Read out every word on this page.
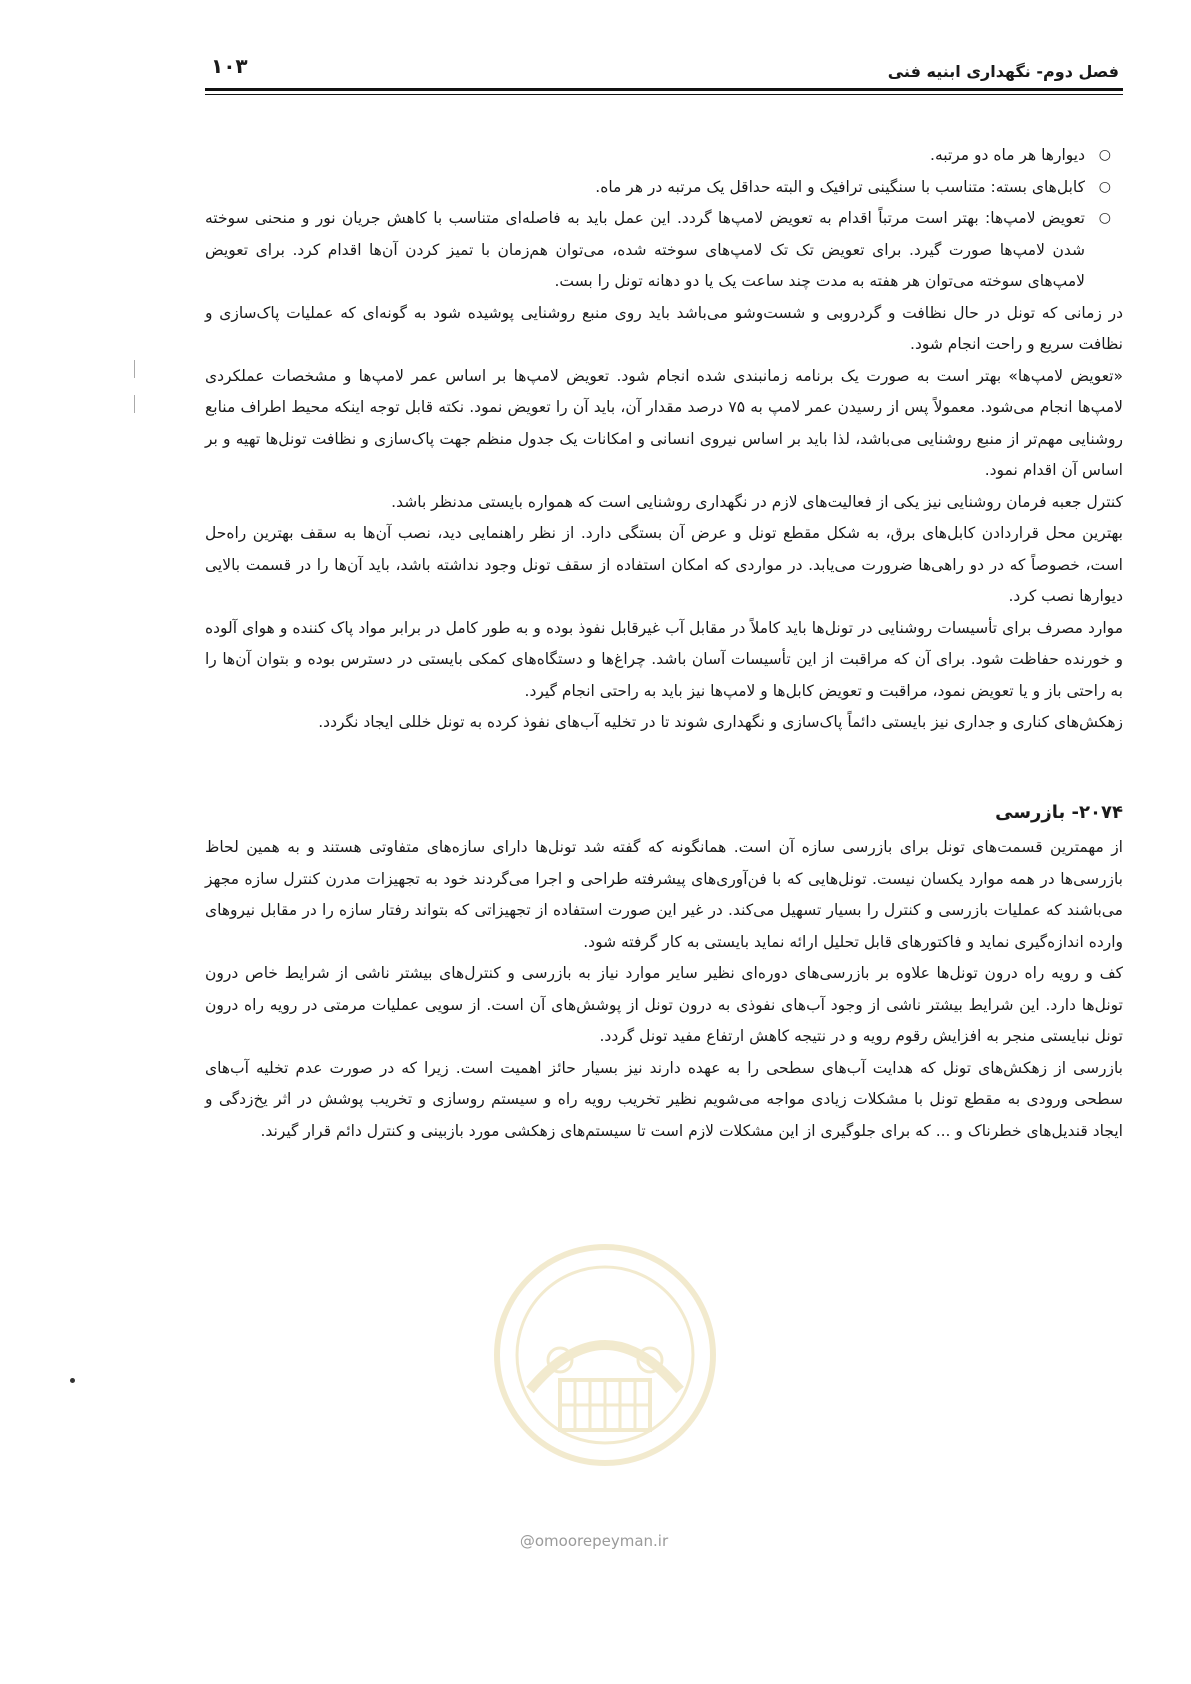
فصل دوم- نگهداری ابنیه فنی
۱۰۳
○
دیوارها هر ماه دو مرتبه.
○
کابل‌های بسته: متناسب با سنگینی ترافیک و البته حداقل یک مرتبه در هر ماه.
○
تعویض لامپ‌ها: بهتر است مرتباً اقدام به تعویض لامپ‌ها گردد. این عمل باید به فاصله‌ای متناسب با کاهش جریان نور و منحنی سوخته شدن لامپ‌ها صورت گیرد. برای تعویض تک تک لامپ‌های سوخته شده، می‌توان هم‌زمان با تمیز کردن آن‌ها اقدام کرد. برای تعویض لامپ‌های سوخته می‌توان هر هفته به مدت چند ساعت یک یا دو دهانه تونل را بست.

در زمانی که تونل در حال نظافت و گردروبی و شست‌وشو می‌باشد باید روی منبع روشنایی پوشیده شود به گونه‌ای که عملیات پاک‌سازی و نظافت سریع و راحت انجام شود.

«تعویض لامپ‌ها» بهتر است به صورت یک برنامه زمانبندی شده انجام شود. تعویض لامپ‌ها بر اساس عمر لامپ‌ها و مشخصات عملکردی لامپ‌ها انجام می‌شود. معمولاً پس از رسیدن عمر لامپ به ۷۵ درصد مقدار آن، باید آن را تعویض نمود. نکته قابل توجه اینکه محیط اطراف منابع روشنایی مهم‌تر از منبع روشنایی می‌باشد، لذا باید بر اساس نیروی انسانی و امکانات یک جدول منظم جهت پاک‌سازی و نظافت تونل‌ها تهیه و بر اساس آن اقدام نمود.

کنترل جعبه فرمان روشنایی نیز یکی از فعالیت‌های لازم در نگهداری روشنایی است که همواره بایستی مدنظر باشد.

بهترین محل قراردادن کابل‌های برق، به شکل مقطع تونل و عرض آن بستگی دارد. از نظر راهنمایی دید، نصب آن‌ها به سقف بهترین راه‌حل است، خصوصاً که در دو راهی‌ها ضرورت می‌یابد. در مواردی که امکان استفاده از سقف تونل وجود نداشته باشد، باید آن‌ها را در قسمت بالایی دیوارها نصب کرد.

موارد مصرف برای تأسیسات روشنایی در تونل‌ها باید کاملاً در مقابل آب غیرقابل نفوذ بوده و به طور کامل در برابر مواد پاک کننده و هوای آلوده و خورنده حفاظت شود. برای آن که مراقبت از این تأسیسات آسان باشد. چراغ‌ها و دستگاه‌های کمکی بایستی در دسترس بوده و بتوان آن‌ها را به راحتی باز و یا تعویض نمود، مراقبت و تعویض کابل‌ها و لامپ‌ها نیز باید به راحتی انجام گیرد.

زهکش‌های کناری و جداری نیز بایستی دائماً پاک‌سازی و نگهداری شوند تا در تخلیه آب‌های نفوذ کرده به تونل خللی ایجاد نگردد.

۲۰۷۴- بازرسی

از مهمترین قسمت‌های تونل برای بازرسی سازه آن است. همانگونه که گفته شد تونل‌ها دارای سازه‌های متفاوتی هستند و به همین لحاظ بازرسی‌ها در همه موارد یکسان نیست. تونل‌هایی که با فن‌آوری‌های پیشرفته طراحی و اجرا می‌گردند خود به تجهیزات مدرن کنترل سازه مجهز می‌باشند که عملیات بازرسی و کنترل را بسیار تسهیل می‌کند. در غیر این صورت استفاده از تجهیزاتی که بتواند رفتار سازه را در مقابل نیروهای وارده اندازه‌گیری نماید و فاکتورهای قابل تحلیل ارائه نماید بایستی به کار گرفته شود.

کف و رویه راه درون تونل‌ها علاوه بر بازرسی‌های دوره‌ای نظیر سایر موارد نیاز به بازرسی و کنترل‌های بیشتر ناشی از شرایط خاص درون تونل‌ها دارد. این شرایط بیشتر ناشی از وجود آب‌های نفوذی به درون تونل از پوشش‌های آن است. از سویی عملیات مرمتی در رویه راه درون تونل نبایستی منجر به افزایش رقوم رویه و در نتیجه کاهش ارتفاع مفید تونل گردد.

بازرسی از زهکش‌های تونل که هدایت آب‌های سطحی را به عهده دارند نیز بسیار حائز اهمیت است. زیرا که در صورت عدم تخلیه آب‌های سطحی ورودی به مقطع تونل با مشکلات زیادی مواجه می‌شویم نظیر تخریب رویه راه و سیستم روسازی و تخریب پوشش در اثر یخ‌زدگی و ایجاد قندیل‌های خطرناک و ... که برای جلوگیری از این مشکلات لازم است تا سیستم‌های زهکشی مورد بازبینی و کنترل دائم قرار گیرند.

@omoorepeyman.ir
